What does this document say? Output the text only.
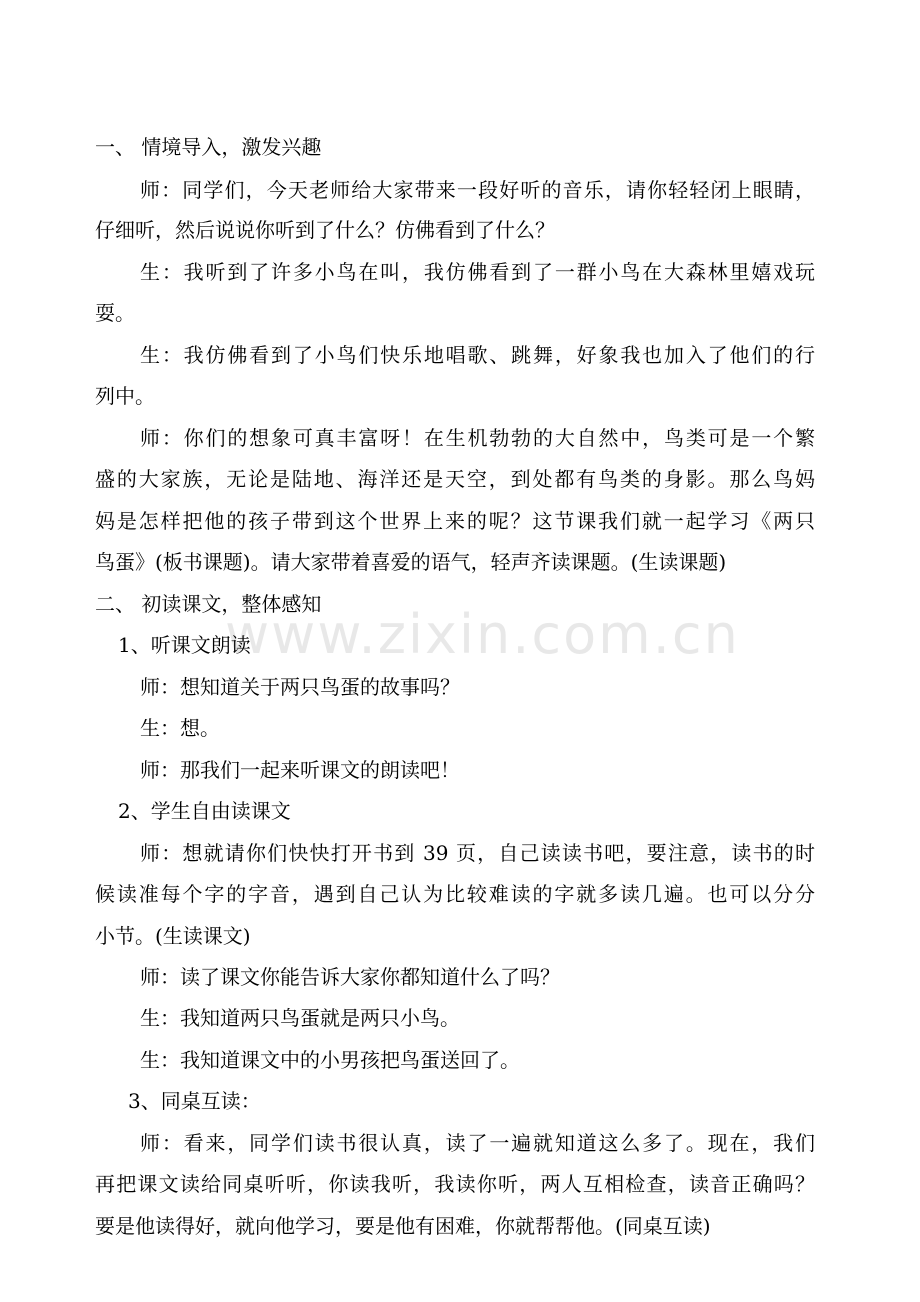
www.zixin.com.cn
一、 情境导入，激发兴趣
师：同学们，今天老师给大家带来一段好听的音乐，请你轻轻闭上眼睛，
仔细听，然后说说你听到了什么？仿佛看到了什么？
生：我听到了许多小鸟在叫，我仿佛看到了一群小鸟在大森林里嬉戏玩
耍。
生：我仿佛看到了小鸟们快乐地唱歌、跳舞，好象我也加入了他们的行
列中。
师：你们的想象可真丰富呀！在生机勃勃的大自然中，鸟类可是一个繁
盛的大家族，无论是陆地、海洋还是天空，到处都有鸟类的身影。那么鸟妈
妈是怎样把他的孩子带到这个世界上来的呢？这节课我们就一起学习《两只
鸟蛋》(板书课题)。请大家带着喜爱的语气，轻声齐读课题。(生读课题)
二、 初读课文，整体感知
1、听课文朗读
师：想知道关于两只鸟蛋的故事吗？
生：想。
师：那我们一起来听课文的朗读吧！
2、学生自由读课文
师：想就请你们快快打开书到 39 页，自己读读书吧，要注意，读书的时
候读准每个字的字音，遇到自己认为比较难读的字就多读几遍。也可以分分
小节。(生读课文)
师：读了课文你能告诉大家你都知道什么了吗？
生：我知道两只鸟蛋就是两只小鸟。
生：我知道课文中的小男孩把鸟蛋送回了。
3、同桌互读：
师：看来，同学们读书很认真，读了一遍就知道这么多了。现在，我们
再把课文读给同桌听听，你读我听，我读你听，两人互相检查，读音正确吗？
要是他读得好，就向他学习，要是他有困难，你就帮帮他。(同桌互读)
